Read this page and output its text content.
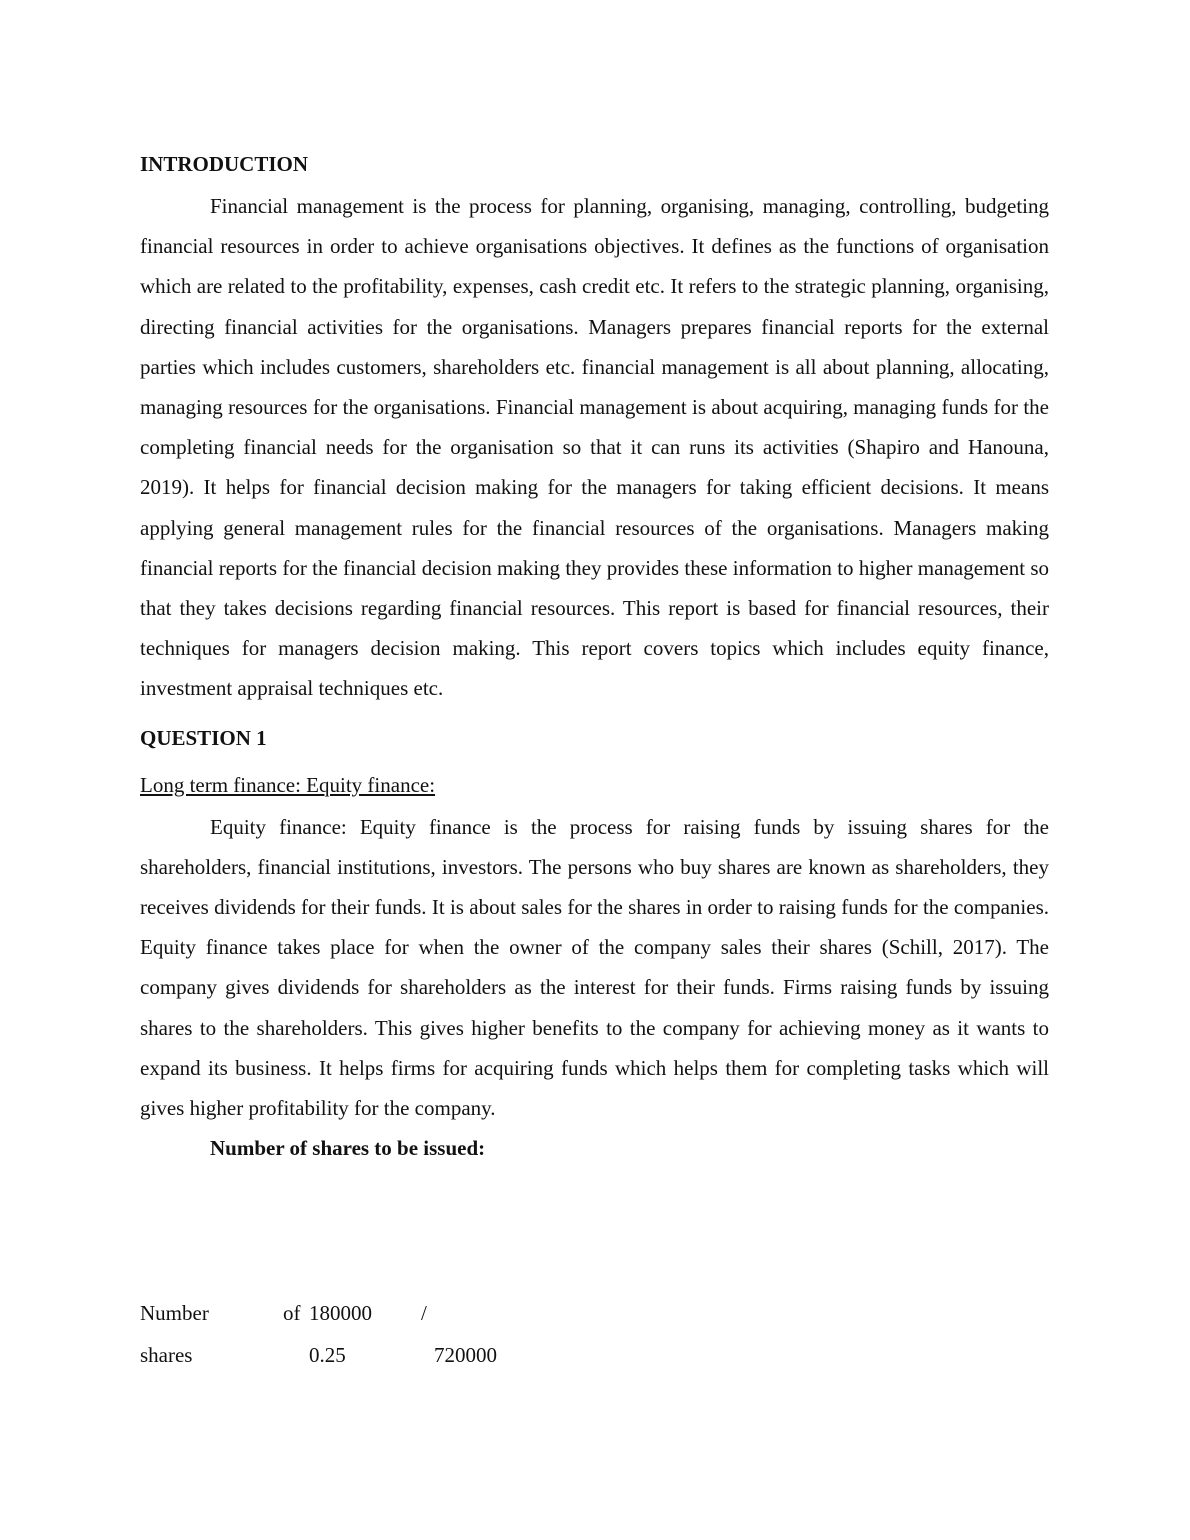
INTRODUCTION

Financial management is the process for planning, organising, managing, controlling, budgeting financial resources in order to achieve organisations objectives. It defines as the functions of organisation which are related to the profitability, expenses, cash credit etc. It refers to the strategic planning, organising, directing financial activities for the organisations. Managers prepares financial reports for the external parties which includes customers, shareholders etc. financial management is all about planning, allocating, managing resources for the organisations. Financial management is about acquiring, managing funds for the completing financial needs for the organisation so that it can runs its activities (Shapiro and Hanouna, 2019). It helps for financial decision making for the managers for taking efficient decisions. It means applying general management rules for the financial resources of the organisations. Managers making financial reports for the financial decision making they provides these information to higher management so that they takes decisions regarding financial resources. This report is based for financial resources, their techniques for managers decision making. This report covers topics which includes equity finance, investment appraisal techniques etc.

QUESTION 1

Long term finance: Equity finance:

Equity finance: Equity finance is the process for raising funds by issuing shares for the shareholders, financial institutions, investors. The persons who buy shares are known as shareholders, they receives dividends for their funds. It is about sales for the shares in order to raising funds for the companies. Equity finance takes place for when the owner of the company sales their shares (Schill, 2017). The company gives dividends for shareholders as the interest for their funds. Firms raising funds by issuing shares to the shareholders. This gives higher benefits to the company for achieving money as it wants to expand its business. It helps firms for acquiring funds which helps them for completing tasks which will gives higher profitability for the company.

Number of shares to be issued:

Number	of 180000 /
shares	0.25	720000
